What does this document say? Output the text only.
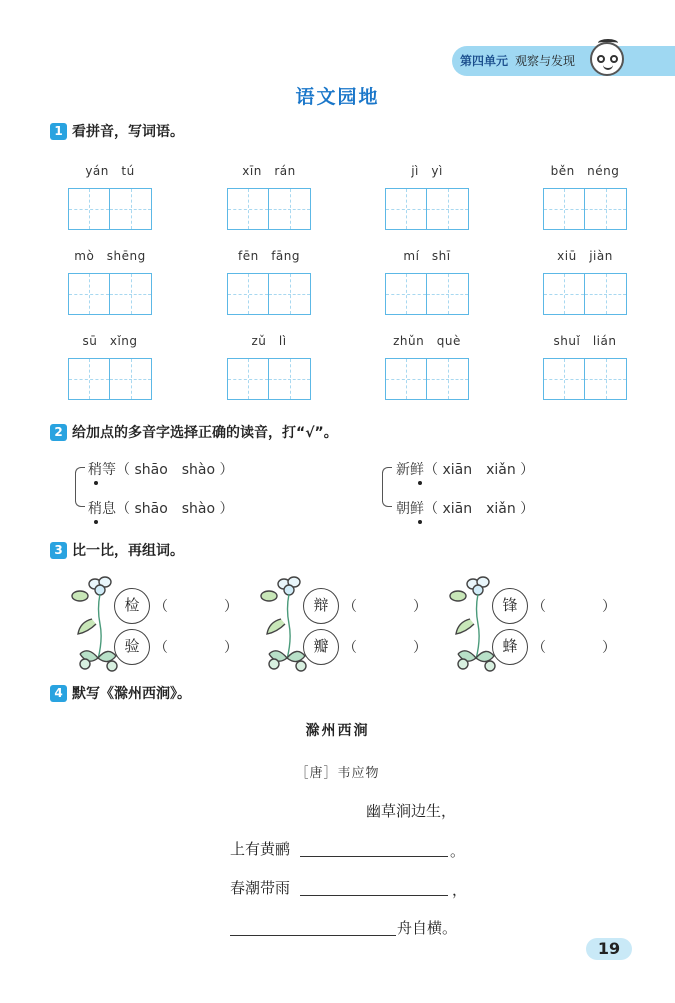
第四单元 观察与发现
语文园地
1 看拼音，写词语。
yán　tú	xīn　rán	jì　yì	běn　néng
mò　shēng	fēn　fāng	mí　shī	xiū　jiàn
sū　xǐng	zǔ　lì	zhǔn　què	shuǐ　lián
2 给加点的多音字选择正确的读音，打“√”。
稍等（ shāo　shào ）
稍息（ shāo　shào ）
新鲜（ xiān　xiǎn ）
朝鲜（ xiān　xiǎn ）
3 比一比，再组词。
检	（　　　　）
验	（　　　　）
辩	（　　　　）
瓣	（　　　　）
锋	（　　　　）
蜂	（　　　　）
4 默写《滁州西涧》。
滁州西涧
［唐］韦应物
幽草涧边生，
上有黄鹂	。
春潮带雨	，
舟自横。
19
